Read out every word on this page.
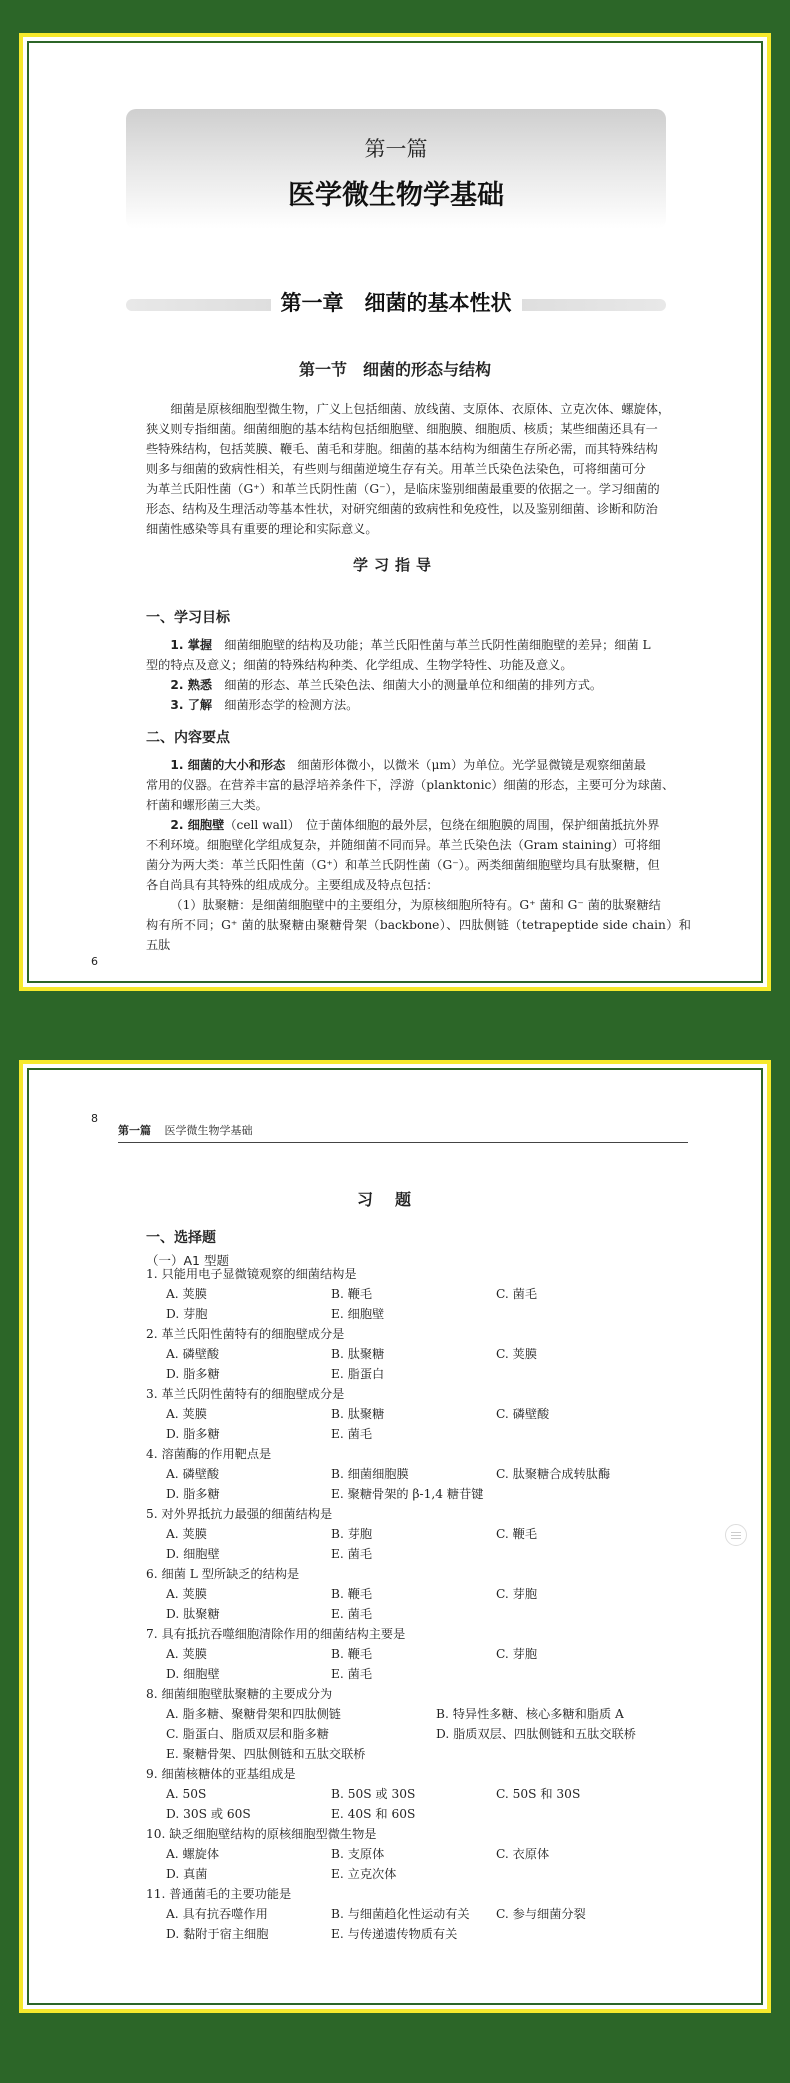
第一篇
医学微生物学基础
第一章　细菌的基本性状
第一节　细菌的形态与结构
细菌是原核细胞型微生物，广义上包括细菌、放线菌、支原体、衣原体、立克次体、螺旋体，
狭义则专指细菌。细菌细胞的基本结构包括细胞壁、细胞膜、细胞质、核质；某些细菌还具有一
些特殊结构，包括荚膜、鞭毛、菌毛和芽胞。细菌的基本结构为细菌生存所必需，而其特殊结构
则多与细菌的致病性相关，有些则与细菌逆境生存有关。用革兰氏染色法染色，可将细菌可分
为革兰氏阳性菌（G⁺）和革兰氏阴性菌（G⁻），是临床鉴别细菌最重要的依据之一。学习细菌的
形态、结构及生理活动等基本性状，对研究细菌的致病性和免疫性，以及鉴别细菌、诊断和防治
细菌性感染等具有重要的理论和实际意义。
学习指导
一、学习目标
1. 掌握　细菌细胞壁的结构及功能；革兰氏阳性菌与革兰氏阴性菌细胞壁的差异；细菌 L
型的特点及意义；细菌的特殊结构种类、化学组成、生物学特性、功能及意义。
2. 熟悉　细菌的形态、革兰氏染色法、细菌大小的测量单位和细菌的排列方式。
3. 了解　细菌形态学的检测方法。
二、内容要点
1. 细菌的大小和形态　细菌形体微小，以微米（μm）为单位。光学显微镜是观察细菌最
常用的仪器。在营养丰富的悬浮培养条件下，浮游（planktonic）细菌的形态，主要可分为球菌、
杆菌和螺形菌三大类。
2. 细胞壁（cell wall）　位于菌体细胞的最外层，包绕在细胞膜的周围，保护细菌抵抗外界
不利环境。细胞壁化学组成复杂，并随细菌不同而异。革兰氏染色法（Gram staining）可将细
菌分为两大类：革兰氏阳性菌（G⁺）和革兰氏阴性菌（G⁻）。两类细菌细胞壁均具有肽聚糖，但
各自尚具有其特殊的组成成分。主要组成及特点包括：
（1）肽聚糖：是细菌细胞壁中的主要组分，为原核细胞所特有。G⁺ 菌和 G⁻ 菌的肽聚糖结
构有所不同；G⁺ 菌的肽聚糖由聚糖骨架（backbone）、四肽侧链（tetrapeptide side chain）和五肽
6
8
第一篇 医学微生物学基础
习题
一、选择题
（一）A1 型题
1. 只能用电子显微镜观察的细菌结构是
A. 荚膜	B. 鞭毛	C. 菌毛
D. 芽胞	E. 细胞壁
2. 革兰氏阳性菌特有的细胞壁成分是
A. 磷壁酸	B. 肽聚糖	C. 荚膜
D. 脂多糖	E. 脂蛋白
3. 革兰氏阴性菌特有的细胞壁成分是
A. 荚膜	B. 肽聚糖	C. 磷壁酸
D. 脂多糖	E. 菌毛
4. 溶菌酶的作用靶点是
A. 磷壁酸	B. 细菌细胞膜	C. 肽聚糖合成转肽酶
D. 脂多糖	E. 聚糖骨架的 β-1,4 糖苷键
5. 对外界抵抗力最强的细菌结构是
A. 荚膜	B. 芽胞	C. 鞭毛
D. 细胞壁	E. 菌毛
6. 细菌 L 型所缺乏的结构是
A. 荚膜	B. 鞭毛	C. 芽胞
D. 肽聚糖	E. 菌毛
7. 具有抵抗吞噬细胞清除作用的细菌结构主要是
A. 荚膜	B. 鞭毛	C. 芽胞
D. 细胞壁	E. 菌毛
8. 细菌细胞壁肽聚糖的主要成分为
A. 脂多糖、聚糖骨架和四肽侧链	B. 特异性多糖、核心多糖和脂质 A
C. 脂蛋白、脂质双层和脂多糖	D. 脂质双层、四肽侧链和五肽交联桥
E. 聚糖骨架、四肽侧链和五肽交联桥
9. 细菌核糖体的亚基组成是
A. 50S	B. 50S 或 30S	C. 50S 和 30S
D. 30S 或 60S	E. 40S 和 60S
10. 缺乏细胞壁结构的原核细胞型微生物是
A. 螺旋体	B. 支原体	C. 衣原体
D. 真菌	E. 立克次体
11. 普通菌毛的主要功能是
A. 具有抗吞噬作用	B. 与细菌趋化性运动有关	C. 参与细菌分裂
D. 黏附于宿主细胞	E. 与传递遗传物质有关
